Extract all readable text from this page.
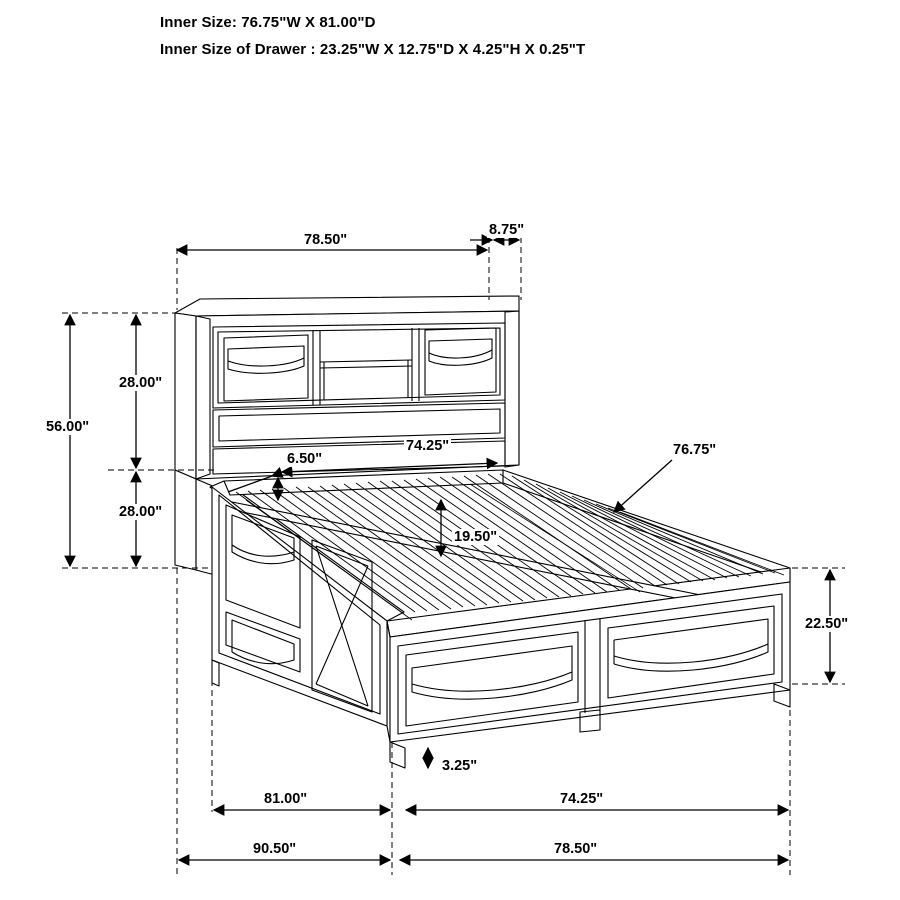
Inner Size: 76.75"W X 81.00"D
Inner Size of Drawer : 23.25"W X 12.75"D X 4.25"H X 0.25"T
78.50"
8.75"
28.00"
28.00"
56.00"
74.25"
6.50"
19.50"
76.75"
22.50"
3.25"
81.00"	74.25"
90.50"	78.50"
